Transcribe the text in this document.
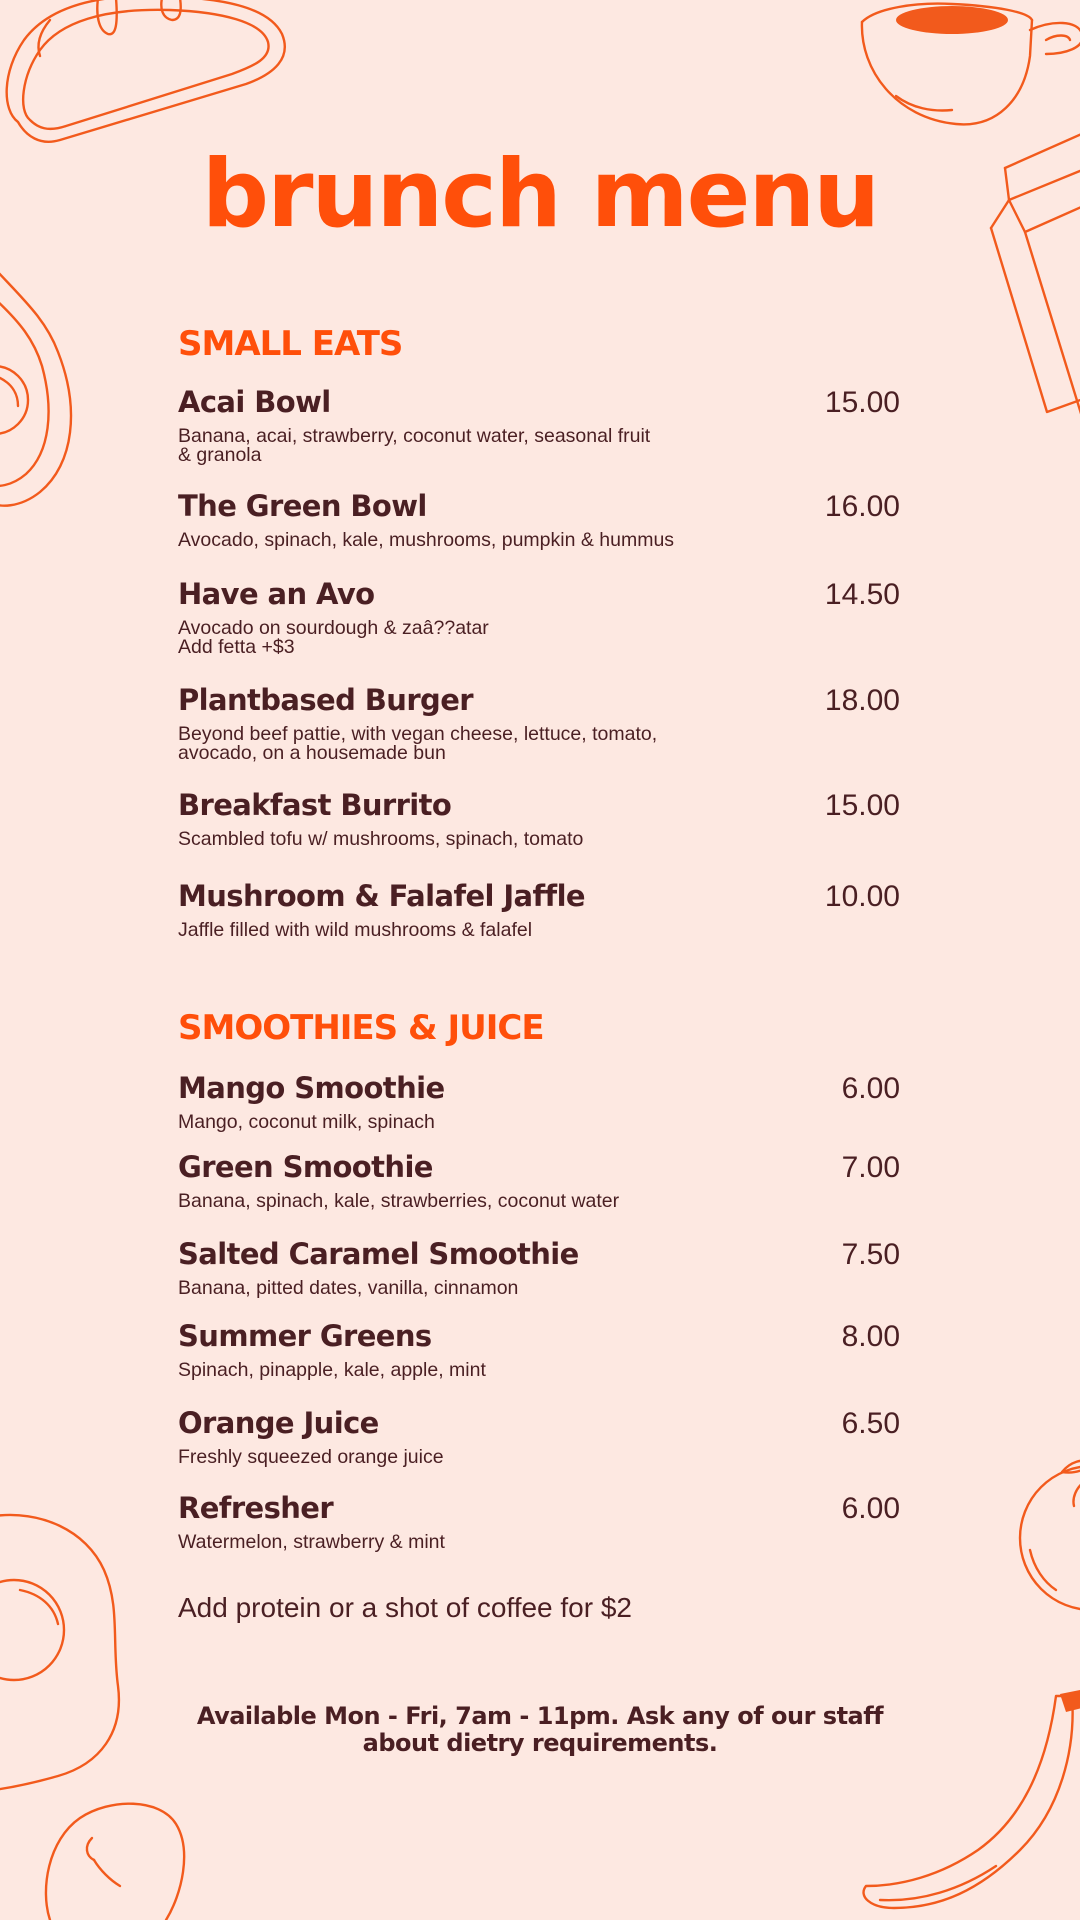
brunch menu
SMALL EATS
Acai Bowl
Banana, acai, strawberry, coconut water, seasonal fruit
& granola
15.00
The Green Bowl
Avocado, spinach, kale, mushrooms, pumpkin & hummus
16.00
Have an Avo
Avocado on sourdough & zaâ??atar
Add fetta +$3
14.50
Plantbased Burger
Beyond beef pattie, with vegan cheese, lettuce, tomato,
avocado, on a housemade bun
18.00
Breakfast Burrito
Scambled tofu w/ mushrooms, spinach, tomato
15.00
Mushroom & Falafel Jaffle
Jaffle filled with wild mushrooms & falafel
10.00
SMOOTHIES & JUICE
Mango Smoothie
Mango, coconut milk, spinach
6.00
Green Smoothie
Banana, spinach, kale, strawberries, coconut water
7.00
Salted Caramel Smoothie
Banana, pitted dates, vanilla, cinnamon
7.50
Summer Greens
Spinach, pinapple, kale, apple, mint
8.00
Orange Juice
Freshly squeezed orange juice
6.50
Refresher
Watermelon, strawberry & mint
6.00
Add protein or a shot of coffee for $2
Available Mon - Fri, 7am - 11pm. Ask any of our staff
about dietry requirements.
